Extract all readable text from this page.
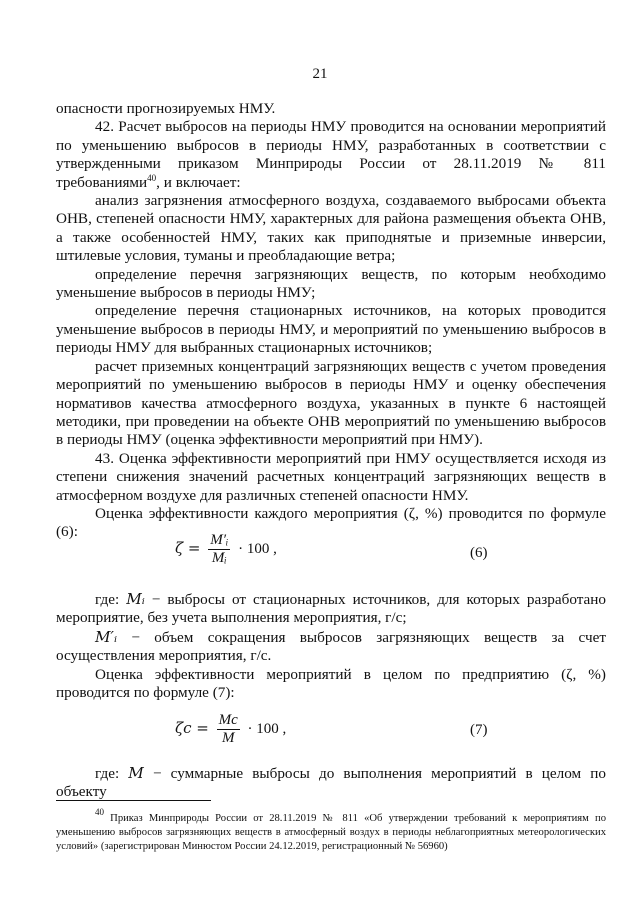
21

опасности прогнозируемых НМУ.

42. Расчет выбросов на периоды НМУ проводится на основании мероприятий по уменьшению выбросов в периоды НМУ, разработанных в соответствии с утвержденными приказом Минприроды России от 28.11.2019 № 811 требованиями$^{40}$, и включает:

анализ загрязнения атмосферного воздуха, создаваемого выбросами объекта ОНВ, степеней опасности НМУ, характерных для района размещения объекта ОНВ, а также особенностей НМУ, таких как приподнятые и приземные инверсии, штилевые условия, туманы и преобладающие ветра;

определение перечня загрязняющих веществ, по которым необходимо уменьшение выбросов в периоды НМУ;

определение перечня стационарных источников, на которых проводится уменьшение выбросов в периоды НМУ, и мероприятий по уменьшению выбросов в периоды НМУ для выбранных стационарных источников;

расчет приземных концентраций загрязняющих веществ с учетом проведения мероприятий по уменьшению выбросов в периоды НМУ и оценку обеспечения нормативов качества атмосферного воздуха, указанных в пункте 6 настоящей методики, при проведении на объекте ОНВ мероприятий по уменьшению выбросов в периоды НМУ (оценка эффективности мероприятий при НМУ).

43. Оценка эффективности мероприятий при НМУ осуществляется исходя из степени снижения значений расчетных концентраций загрязняющих веществ в атмосферном воздухе для различных степеней опасности НМУ.

Оценка эффективности каждого мероприятия (ζ, %) проводится по формуле (6):

$\zeta = \frac{\text{M′ᵢ}}{\text{Mᵢ}} \cdot 100$ ,	(6)

где: Mᵢ − выбросы от стационарных источников, для которых разработано мероприятие, без учета выполнения мероприятия, г/с;

M′ᵢ − объем сокращения выбросов загрязняющих веществ за счет осуществления мероприятия, г/с.

Оценка эффективности мероприятий в целом по предприятию (ζ, %) проводится по формуле (7):

$\zeta c = \frac{Mc}{M} \cdot 100$ ,	(7)

где: M − суммарные выбросы до выполнения мероприятий в целом по объекту

$^{40}$ Приказ Минприроды России от 28.11.2019 № 811 «Об утверждении требований к мероприятиям по уменьшению выбросов загрязняющих веществ в атмосферный воздух в периоды неблагоприятных метеорологических условий» (зарегистрирован Минюстом России 24.12.2019, регистрационный № 56960)
